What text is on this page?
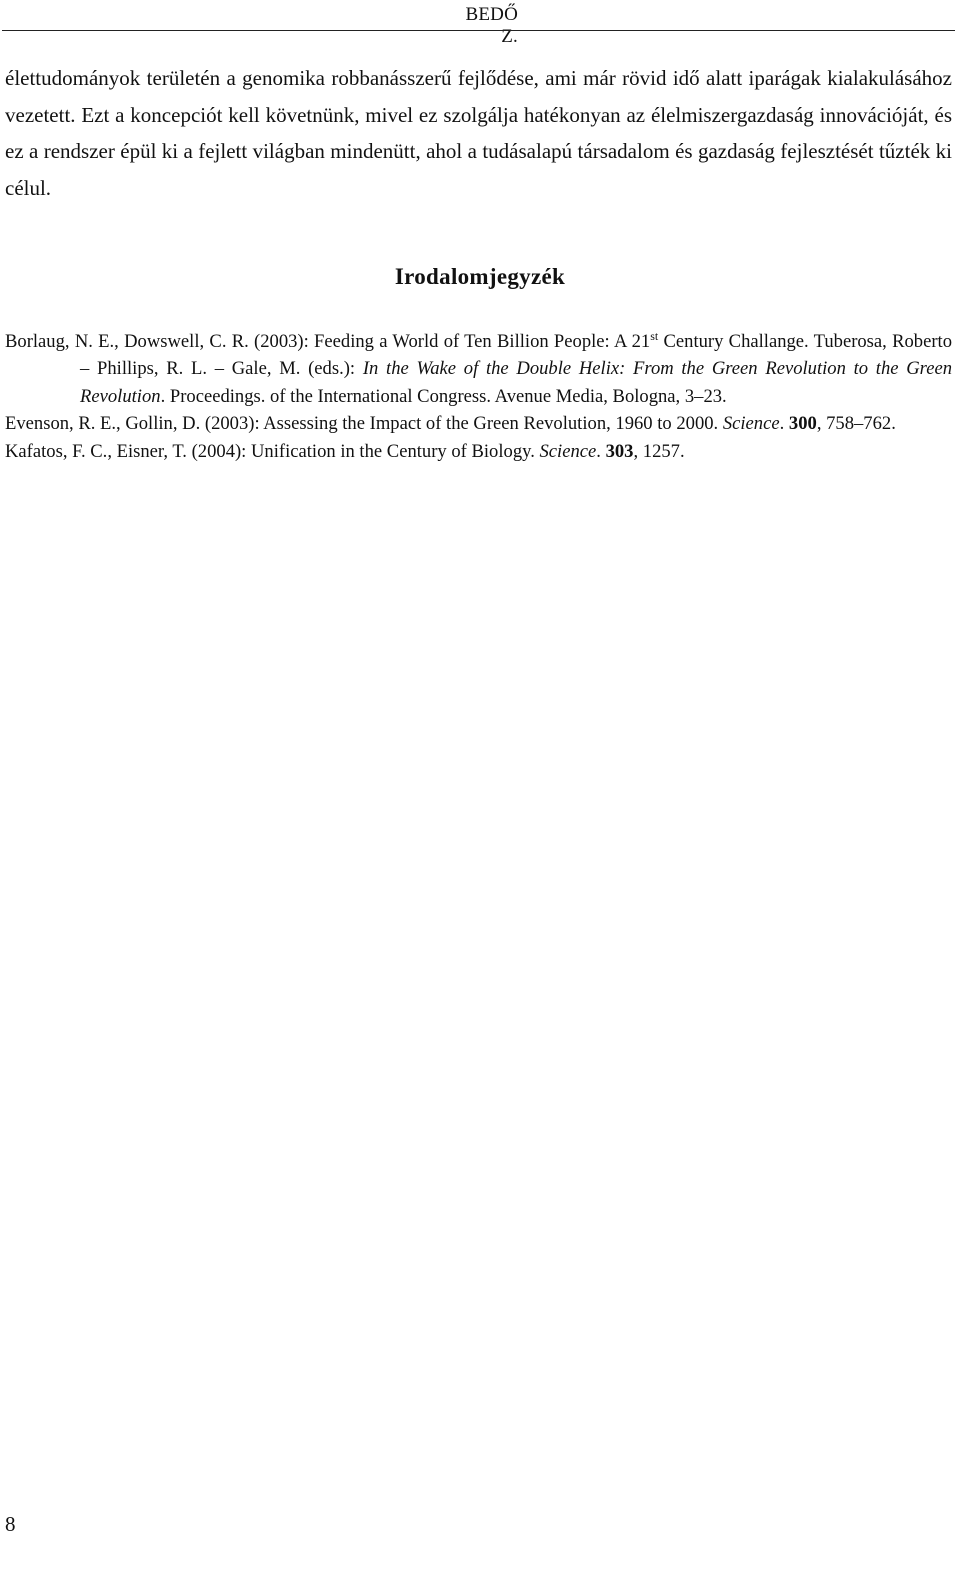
BEDŐ Z.

élettudományok területén a genomika robbanásszerű fejlődése, ami már rövid idő alatt iparágak kialakulásához vezetett. Ezt a koncepciót kell követnünk, mivel ez szolgálja hatékonyan az élelmiszergazdaság innovációját, és ez a rendszer épül ki a fejlett világban mindenütt, ahol a tudásalapú társadalom és gazdaság fejlesztését tűzték ki célul.

Irodalomjegyzék
Borlaug, N. E., Dowswell, C. R. (2003): Feeding a World of Ten Billion People: A 21st Century Challange. Tuberosa, Roberto – Phillips, R. L. – Gale, M. (eds.): In the Wake of the Double Helix: From the Green Revolution to the Green Revolution. Proceedings. of the International Congress. Avenue Media, Bologna, 3–23.
Evenson, R. E., Gollin, D. (2003): Assessing the Impact of the Green Revolution, 1960 to 2000. Science. 300, 758–762.
Kafatos, F. C., Eisner, T. (2004): Unification in the Century of Biology. Science. 303, 1257.
8
